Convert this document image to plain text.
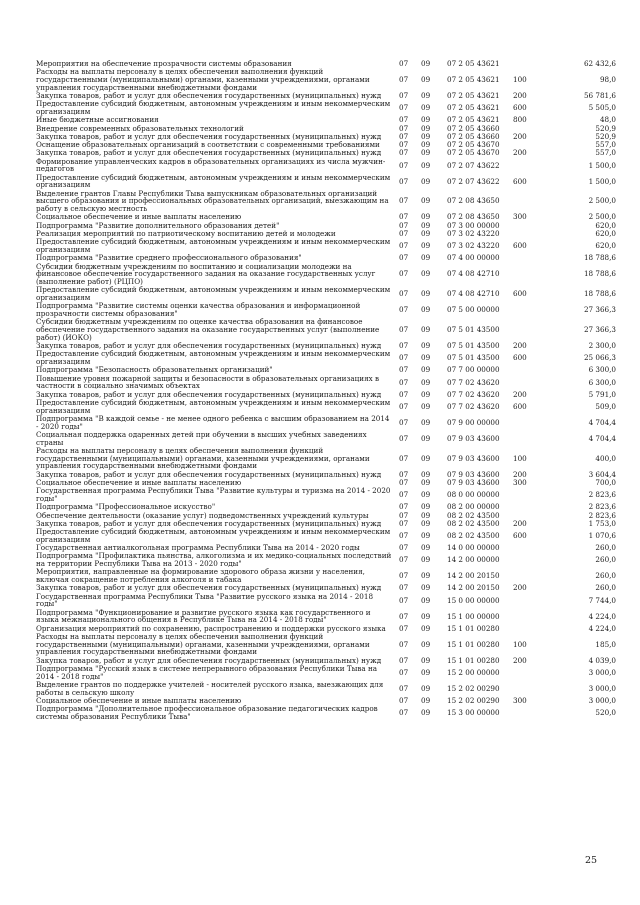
Мероприятия на обеспечение прозрачности системы образования	07	09	07 2 05 43621		62 432,6
Расходы на выплаты персоналу в целях обеспечения выполнения функций государственными (муниципальными) органами, казенными учреждениями, органами управления государственными внебюджетными фондами	07	09	07 2 05 43621	100	98,0
Закупка товаров, работ и услуг для обеспечения государственных (муниципальных) нужд	07	09	07 2 05 43621	200	56 781,6
Предоставление субсидий бюджетным, автономным учреждениям и иным некоммерческим организациям	07	09	07 2 05 43621	600	5 505,0
Иные бюджетные ассигнования	07	09	07 2 05 43621	800	48,0
Внедрение современных образовательных технологий	07	09	07 2 05 43660		520,9
Закупка товаров, работ и услуг для обеспечения государственных (муниципальных) нужд	07	09	07 2 05 43660	200	520,9
Оснащение образовательных организаций в соответствии с современными требованиями	07	09	07 2 05 43670		557,0
Закупка товаров, работ и услуг для обеспечения государственных (муниципальных) нужд	07	09	07 2 05 43670	200	557,0
Формирование управленческих кадров в образовательных организациях из числа мужчин-педагогов	07	09	07 2 07 43622		1 500,0
Предоставление субсидий бюджетным, автономным учреждениям и иным некоммерческим организациям	07	09	07 2 07 43622	600	1 500,0
Выделение грантов Главы Республики Тыва выпускникам образовательных организаций высшего образования и профессиональных образовательных организаций, выезжающим на работу в сельскую местность	07	09	07 2 08 43650		2 500,0
Социальное обеспечение и иные выплаты населению	07	09	07 2 08 43650	300	2 500,0
Подпрограмма "Развитие дополнительного образования детей"	07	09	07 3 00 00000		620,0
Реализация мероприятий по патриотическому воспитанию детей и молодежи	07	09	07 3 02 43220		620,0
Предоставление субсидий бюджетным, автономным учреждениям и иным некоммерческим организациям	07	09	07 3 02 43220	600	620,0
Подпрограмма "Развитие среднего профессионального образования"	07	09	07 4 00 00000		18 788,6
Субсидии бюджетным учреждениям по воспитанию и социализации молодежи на финансовое обеспечение государственного задания на оказание государственных услуг (выполнение работ) (РЦПО)	07	09	07 4 08 42710		18 788,6
Предоставление субсидий бюджетным, автономным учреждениям и иным некоммерческим организациям	07	09	07 4 08 42710	600	18 788,6
Подпрограмма "Развитие системы оценки качества образования и информационной прозрачности системы образования"	07	09	07 5 00 00000		27 366,3
Субсидии бюджетным учреждениям по оценке качества образования на финансовое обеспечение государственного задания на оказание государственных услуг (выполнение работ) (ИОКО)	07	09	07 5 01 43500		27 366,3
Закупка товаров, работ и услуг для обеспечения государственных (муниципальных) нужд	07	09	07 5 01 43500	200	2 300,0
Предоставление субсидий бюджетным, автономным учреждениям и иным некоммерческим организациям	07	09	07 5 01 43500	600	25 066,3
Подпрограмма "Безопасность образовательных организаций"	07	09	07 7 00 00000		6 300,0
Повышение уровня пожарной защиты и безопасности в образовательных организациях в частности в социально значимых объектах	07	09	07 7 02 43620		6 300,0
Закупка товаров, работ и услуг для обеспечения государственных (муниципальных) нужд	07	09	07 7 02 43620	200	5 791,0
Предоставление субсидий бюджетным, автономным учреждениям и иным некоммерческим организациям	07	09	07 7 02 43620	600	509,0
Подпрограмма "В каждой семье - не менее одного ребенка с высшим образованием на 2014 - 2020 годы"	07	09	07 9 00 00000		4 704,4
Социальная поддержка одаренных детей при обучении в высших учебных заведениях страны	07	09	07 9 03 43600		4 704,4
Расходы на выплаты персоналу в целях обеспечения выполнения функций государственными (муниципальными) органами, казенными учреждениями, органами управления государственными внебюджетными фондами	07	09	07 9 03 43600	100	400,0
Закупка товаров, работ и услуг для обеспечения государственных (муниципальных) нужд	07	09	07 9 03 43600	200	3 604,4
Социальное обеспечение и иные выплаты населению	07	09	07 9 03 43600	300	700,0
Государственная программа Республики Тыва "Развитие культуры и туризма на 2014 - 2020 годы"	07	09	08 0 00 00000		2 823,6
Подпрограмма "Профессиональное искусство"	07	09	08 2 00 00000		2 823,6
Обеспечение деятельности (оказание услуг) подведомственных учреждений культуры	07	09	08 2 02 43500		2 823,6
Закупка товаров, работ и услуг для обеспечения государственных (муниципальных) нужд	07	09	08 2 02 43500	200	1 753,0
Предоставление субсидий бюджетным, автономным учреждениям и иным некоммерческим организациям	07	09	08 2 02 43500	600	1 070,6
Государственная антиалкогольная программа Республики Тыва на 2014 - 2020 годы	07	09	14 0 00 00000		260,0
Подпрограмма "Профилактика пьянства, алкоголизма и их медико-социальных последствий на территории Республики Тыва на 2013 - 2020 годы"	07	09	14 2 00 00000		260,0
Мероприятия, направленные на формирование здорового образа жизни у населения, включая сокращение потребления алкоголя и табака	07	09	14 2 00 20150		260,0
Закупка товаров, работ и услуг для обеспечения государственных (муниципальных) нужд	07	09	14 2 00 20150	200	260,0
Государственная программа Республики Тыва "Развитие русского языка на 2014 - 2018 годы"	07	09	15 0 00 00000		7 744,0
Подпрограмма "Функционирование и развитие русского языка как государственного и языка межнационального общения в Республике Тыва на 2014 - 2018 годы"	07	09	15 1 00 00000		4 224,0
Организация мероприятий по сохранению, распространению и поддержки русского языка	07	09	15 1 01 00280		4 224,0
Расходы на выплаты персоналу в целях обеспечения выполнения функций государственными (муниципальными) органами, казенными учреждениями, органами управления государственными внебюджетными фондами	07	09	15 1 01 00280	100	185,0
Закупка товаров, работ и услуг для обеспечения государственных (муниципальных) нужд	07	09	15 1 01 00280	200	4 039,0
Подпрограмма "Русский язык в системе непрерывного образования Республики Тыва на 2014 - 2018 годы"	07	09	15 2 00 00000		3 000,0
Выделение грантов по поддержке учителей - носителей русского языка, выезжающих для работы в сельскую школу	07	09	15 2 02 00290		3 000,0
Социальное обеспечение и иные выплаты населению	07	09	15 2 02 00290	300	3 000,0
Подпрограмма "Дополнительное профессиональное образование педагогических кадров системы образования Республики Тыва"	07	09	15 3 00 00000		520,0
25
